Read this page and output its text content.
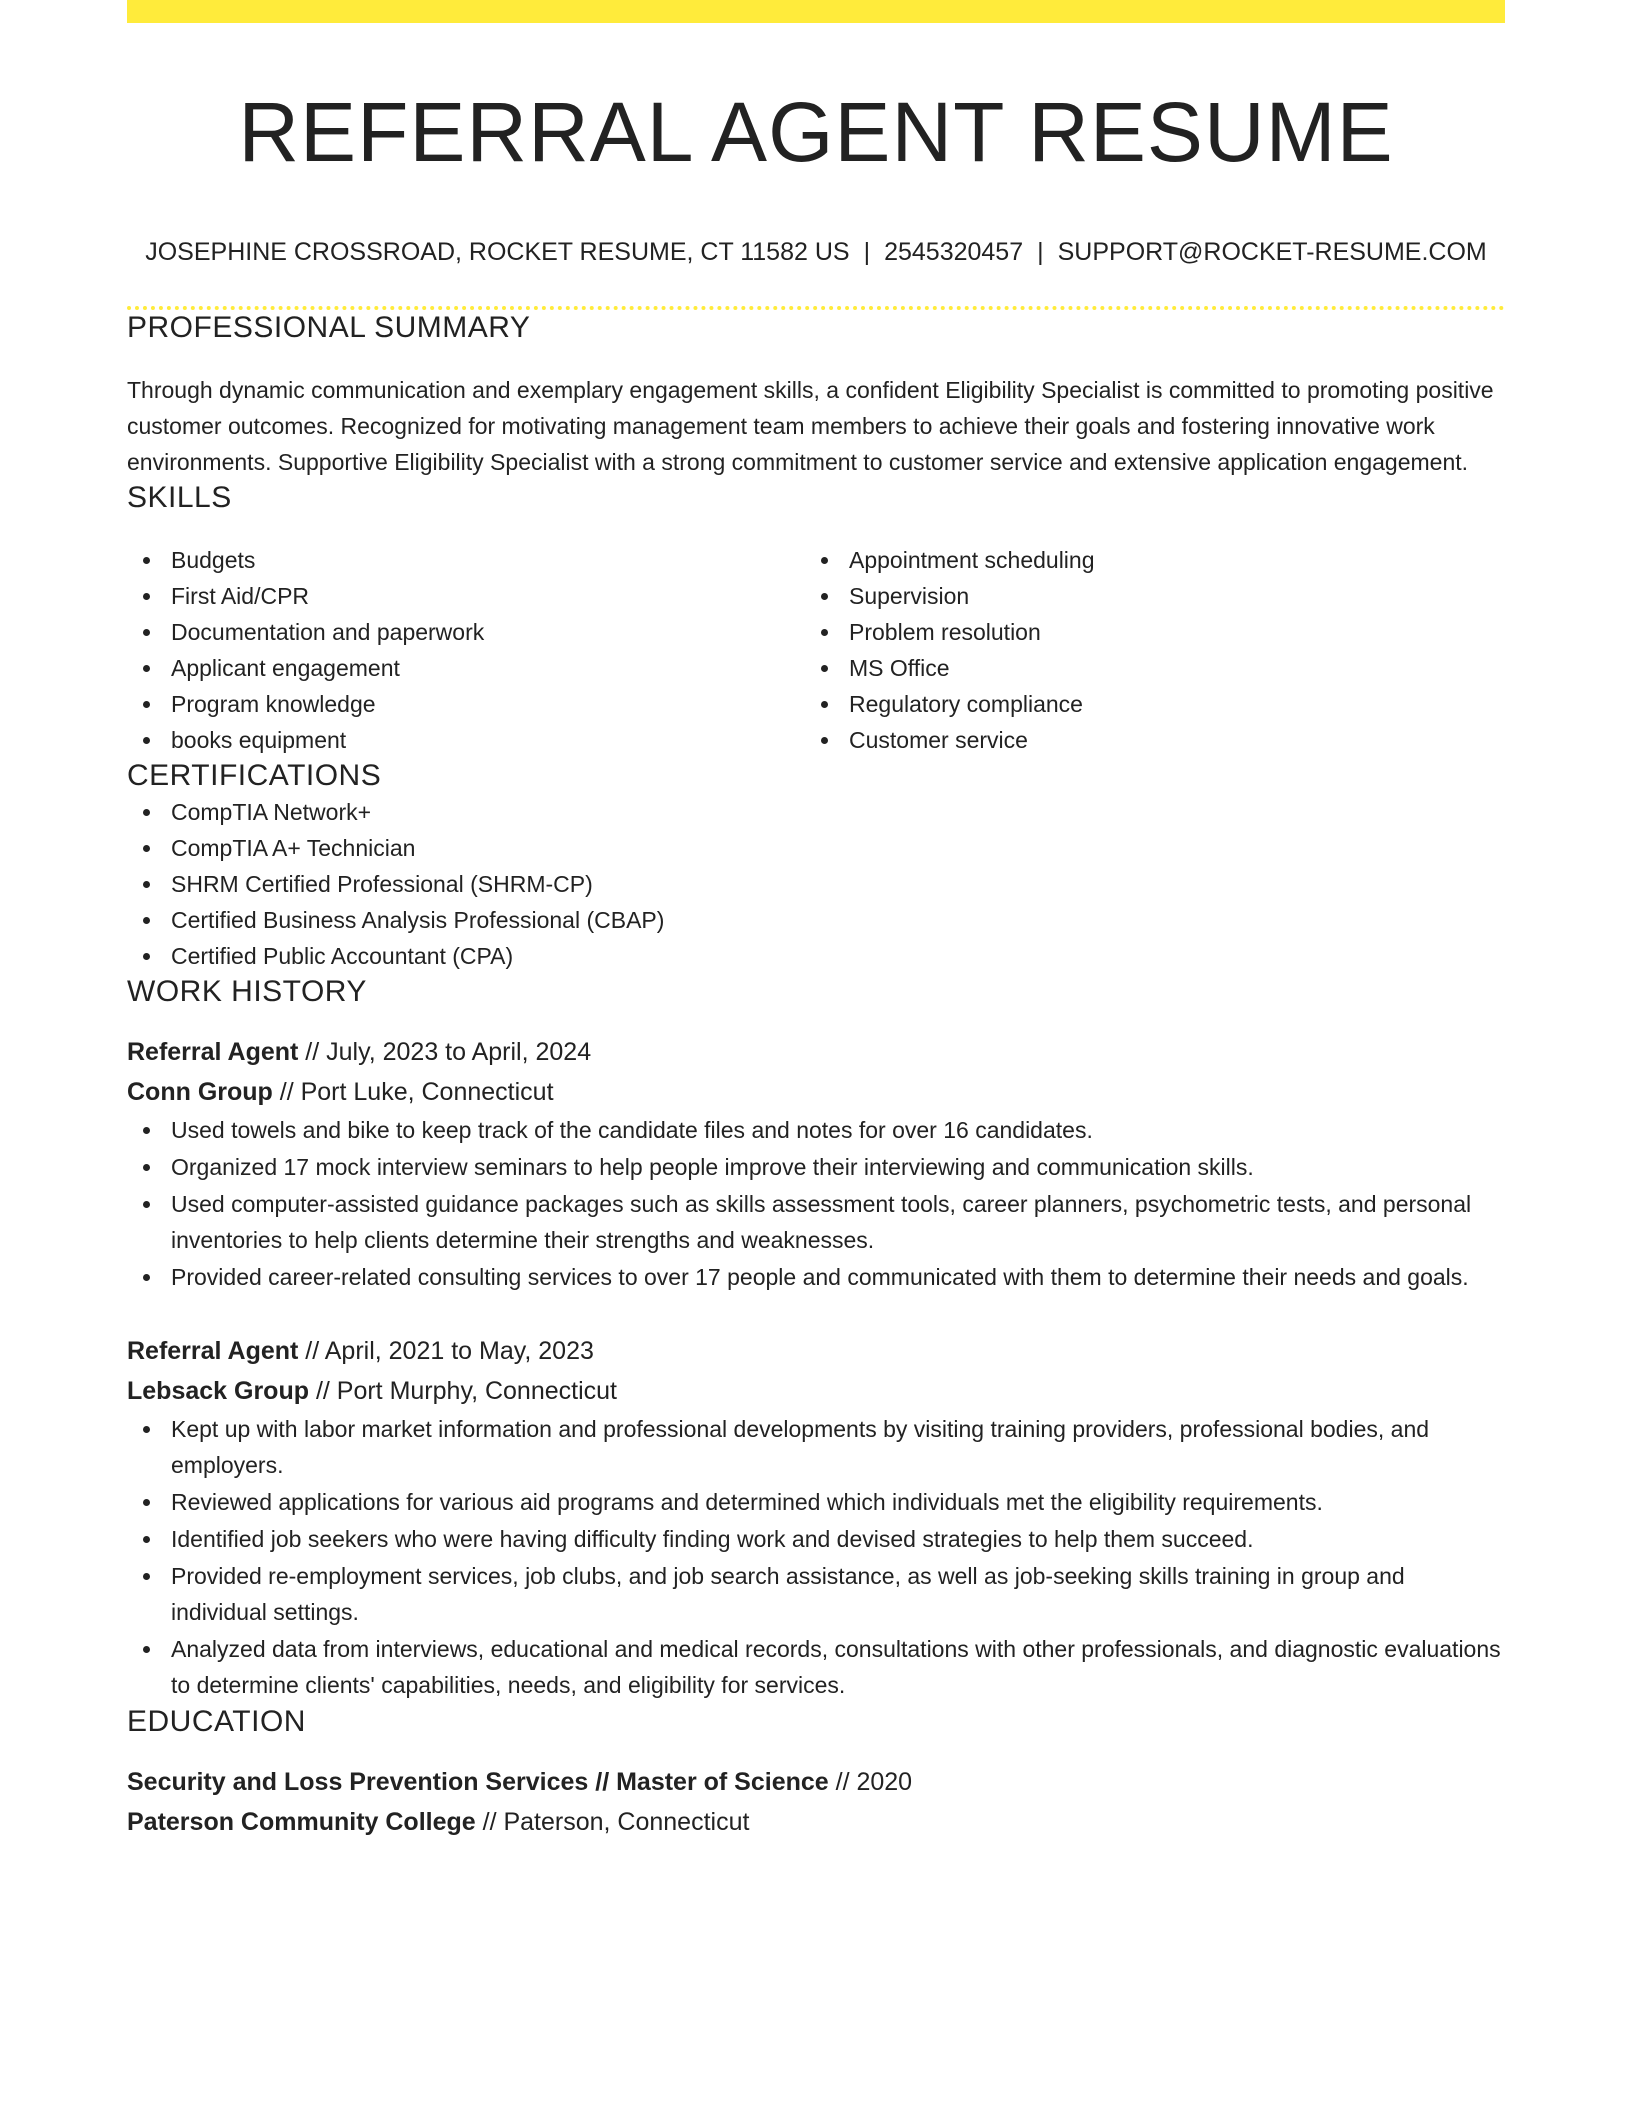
REFERRAL AGENT RESUME
JOSEPHINE CROSSROAD, ROCKET RESUME, CT 11582 US | 2545320457 | SUPPORT@ROCKET-RESUME.COM
PROFESSIONAL SUMMARY

Through dynamic communication and exemplary engagement skills, a confident Eligibility Specialist is committed to promoting positive customer outcomes. Recognized for motivating management team members to achieve their goals and fostering innovative work environments. Supportive Eligibility Specialist with a strong commitment to customer service and extensive application engagement.

SKILLS
Budgets
First Aid/CPR
Documentation and paperwork
Applicant engagement
Program knowledge
books equipment
Appointment scheduling
Supervision
Problem resolution
MS Office
Regulatory compliance
Customer service
CERTIFICATIONS
CompTIA Network+
CompTIA A+ Technician
SHRM Certified Professional (SHRM-CP)
Certified Business Analysis Professional (CBAP)
Certified Public Accountant (CPA)
WORK HISTORY
Referral Agent // July, 2023 to April, 2024
Conn Group // Port Luke, Connecticut
Used towels and bike to keep track of the candidate files and notes for over 16 candidates.
Organized 17 mock interview seminars to help people improve their interviewing and communication skills.
Used computer-assisted guidance packages such as skills assessment tools, career planners, psychometric tests, and personal inventories to help clients determine their strengths and weaknesses.
Provided career-related consulting services to over 17 people and communicated with them to determine their needs and goals.
Referral Agent // April, 2021 to May, 2023
Lebsack Group // Port Murphy, Connecticut
Kept up with labor market information and professional developments by visiting training providers, professional bodies, and employers.
Reviewed applications for various aid programs and determined which individuals met the eligibility requirements.
Identified job seekers who were having difficulty finding work and devised strategies to help them succeed.
Provided re-employment services, job clubs, and job search assistance, as well as job-seeking skills training in group and individual settings.
Analyzed data from interviews, educational and medical records, consultations with other professionals, and diagnostic evaluations to determine clients' capabilities, needs, and eligibility for services.
EDUCATION
Security and Loss Prevention Services // Master of Science // 2020
Paterson Community College // Paterson, Connecticut
